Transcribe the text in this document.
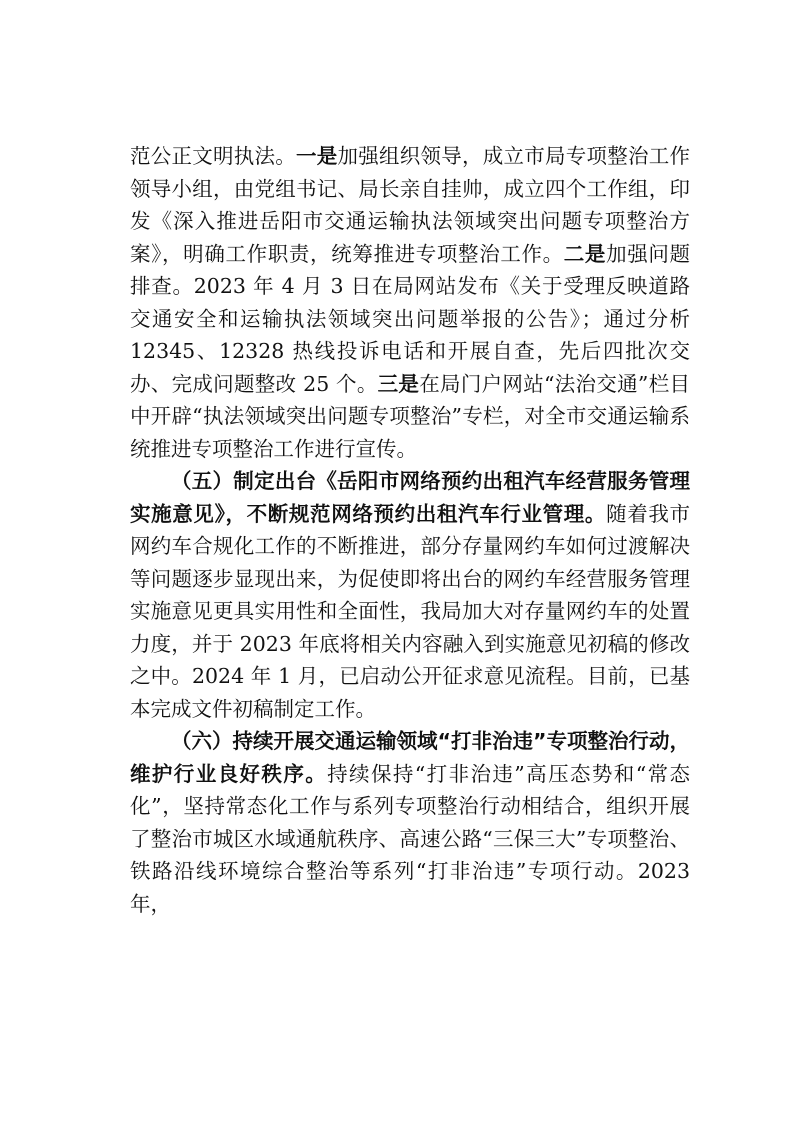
范公正文明执法。一是加强组织领导，成立市局专项整治工作领导小组，由党组书记、局长亲自挂帅，成立四个工作组，印发《深入推进岳阳市交通运输执法领域突出问题专项整治方案》，明确工作职责，统筹推进专项整治工作。二是加强问题排查。2023 年 4 月 3 日在局网站发布《关于受理反映道路交通安全和运输执法领域突出问题举报的公告》；通过分析 12345、12328 热线投诉电话和开展自查，先后四批次交办、完成问题整改 25 个。三是在局门户网站“法治交通”栏目中开辟“执法领域突出问题专项整治”专栏，对全市交通运输系统推进专项整治工作进行宣传。

（五）制定出台《岳阳市网络预约出租汽车经营服务管理实施意见》，不断规范网络预约出租汽车行业管理。随着我市网约车合规化工作的不断推进，部分存量网约车如何过渡解决等问题逐步显现出来，为促使即将出台的网约车经营服务管理实施意见更具实用性和全面性，我局加大对存量网约车的处置力度，并于 2023 年底将相关内容融入到实施意见初稿的修改之中。2024 年 1 月，已启动公开征求意见流程。目前，已基本完成文件初稿制定工作。

（六）持续开展交通运输领域“打非治违”专项整治行动，维护行业良好秩序。持续保持“打非治违”高压态势和“常态化”，坚持常态化工作与系列专项整治行动相结合，组织开展了整治市城区水域通航秩序、高速公路“三保三大”专项整治、铁路沿线环境综合整治等系列“打非治违”专项行动。2023 年，
